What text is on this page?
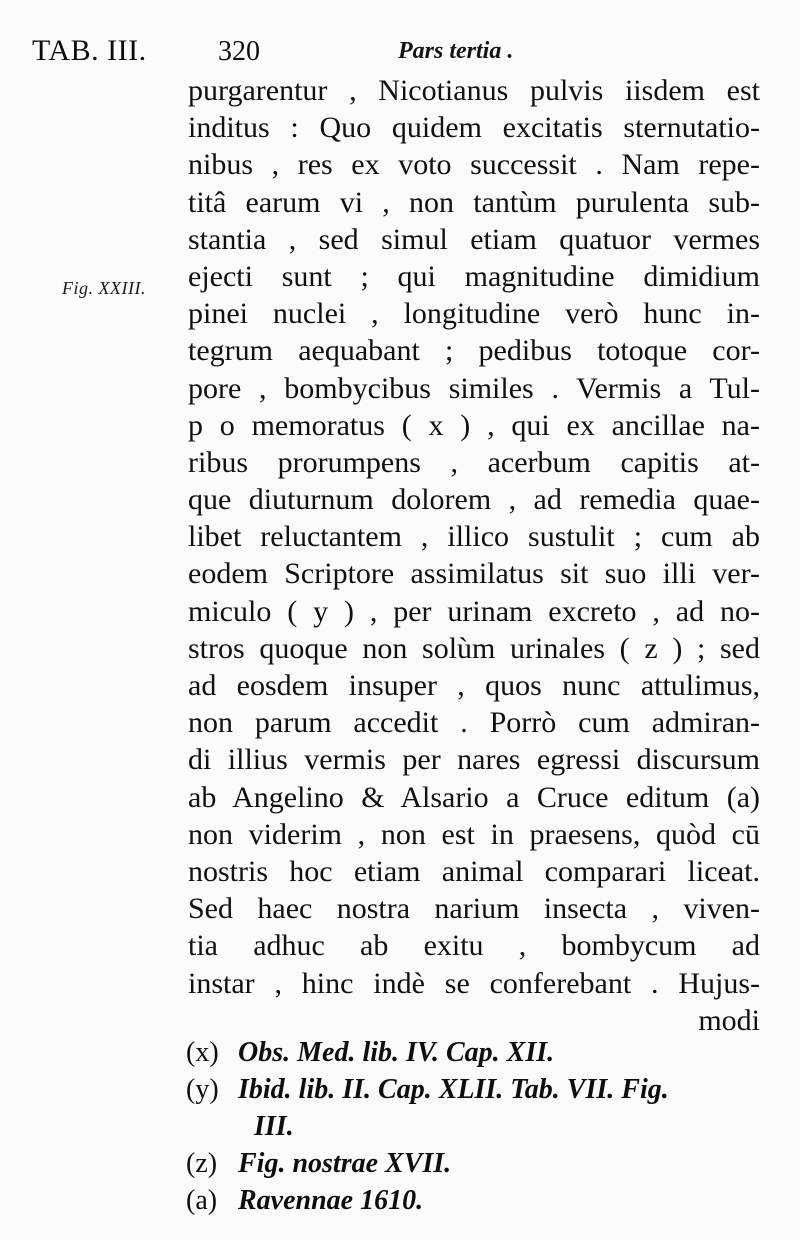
TAB. III.	320	Pars tertia .
Fig. XXIII.
purgarentur , Nicotianus pulvis iisdem est
inditus : Quo quidem excitatis sternutatio-
nibus , res ex voto successit . Nam repe-
titâ earum vi , non tantùm purulenta sub-
stantia , sed simul etiam quatuor vermes
ejecti sunt ; qui magnitudine dimidium
pinei nuclei , longitudine verò hunc in-
tegrum aequabant ; pedibus totoque cor-
pore , bombycibus similes . Vermis a Tul-
p o memoratus ( x ) , qui ex ancillae na-
ribus prorumpens , acerbum capitis at-
que diuturnum dolorem , ad remedia quae-
libet reluctantem , illico sustulit ; cum ab
eodem Scriptore assimilatus sit suo illi ver-
miculo ( y ) , per urinam excreto , ad no-
stros quoque non solùm urinales ( z ) ; sed
ad eosdem insuper , quos nunc attulimus,
non parum accedit . Porrò cum admiran-
di illius vermis per nares egressi discursum
ab Angelino & Alsario a Cruce editum (a)
non viderim , non est in praesens, quòd cū
nostris hoc etiam animal comparari liceat.
Sed haec nostra narium insecta , viven-
tia adhuc ab exitu , bombycum ad
instar , hinc indè se conferebant . Hujus-
modi
(x) Obs. Med. lib. IV. Cap. XII.
(y) Ibid. lib. II. Cap. XLII. Tab. VII. Fig.
III.
(z) Fig. nostrae XVII.
(a) Ravennae 1610.
